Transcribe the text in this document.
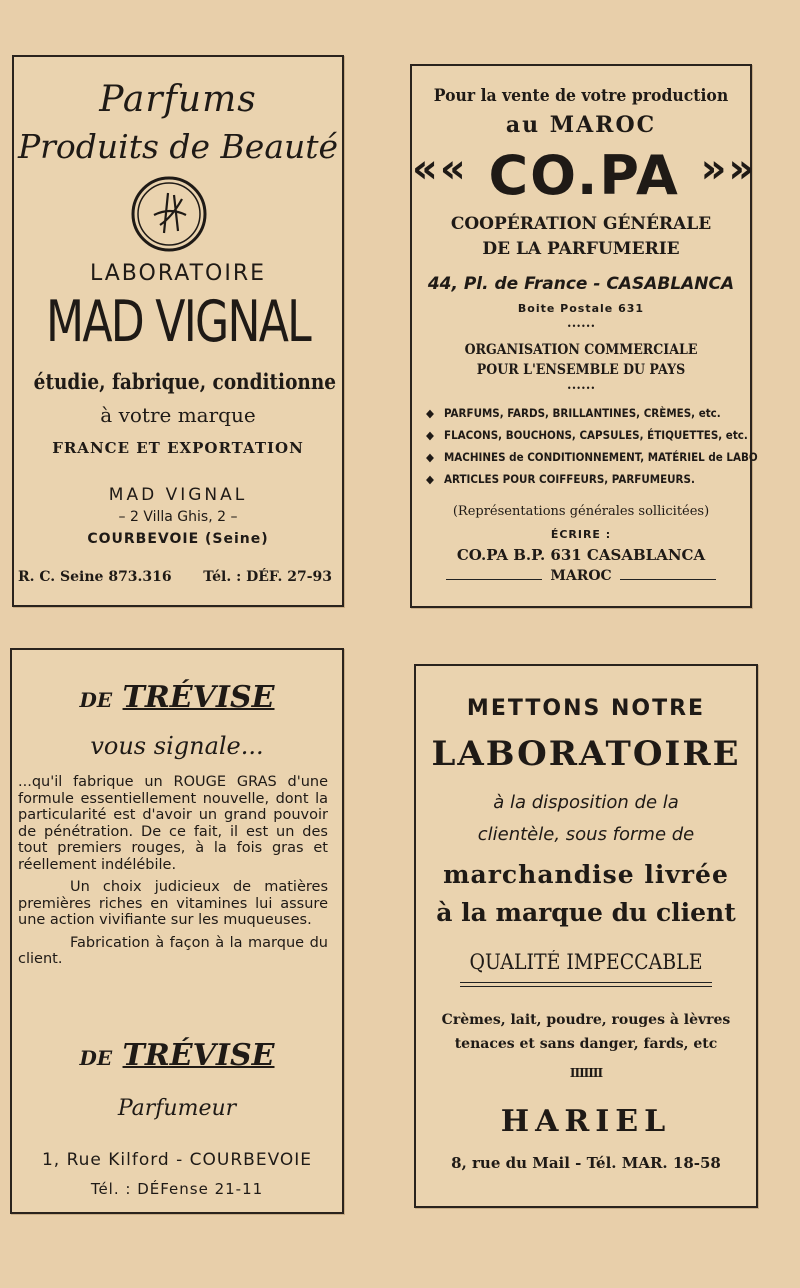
Parfums
Produits de Beauté
LABORATOIRE
MAD VIGNAL
étudie, fabrique, conditionne
à votre marque
FRANCE ET EXPORTATION
MAD VIGNAL
– 2 Villa Ghis, 2 –
COURBEVOIE (Seine)
R. C. Seine 873.316 Tél. : DÉF. 27-93
Pour la vente de votre production
au MAROC
«« CO.PA »»
COOPÉRATION GÉNÉRALE
DE LA PARFUMERIE
44, Pl. de France - CASABLANCA
Boite Postale 631
••••••
ORGANISATION COMMERCIALE
POUR L'ENSEMBLE DU PAYS
••••••
◆ PARFUMS, FARDS, BRILLANTINES, CRÈMES, etc.
◆ FLACONS, BOUCHONS, CAPSULES, ÉTIQUETTES, etc.
◆ MACHINES de CONDITIONNEMENT, MATÉRIEL de LABO
◆ ARTICLES POUR COIFFEURS, PARFUMEURS.
(Représentations générales sollicitées)
ÉCRIRE :
CO.PA B.P. 631 CASABLANCA
MAROC
DE TRÉVISE
vous signale...

...qu'il fabrique un ROUGE GRAS d'une formule essentiellement nouvelle, dont la particularité est d'avoir un grand pouvoir de pénétration. De ce fait, il est un des tout premiers rouges, à la fois gras et réellement indélébile.

Un choix judicieux de matières premières riches en vitamines lui assure une action vivifiante sur les muqueuses.

Fabrication à façon à la marque du client.

DE TRÉVISE
Parfumeur
1, Rue Kilford - COURBEVOIE
Tél. : DÉFense 21-11
METTONS NOTRE
LABORATOIRE
à la disposition de la
clientèle, sous forme de
marchandise livrée
à la marque du client
QUALITÉ IMPECCABLE
Crèmes, lait, poudre, rouges à lèvres
tenaces et sans danger, fards, etc
IIIIIII
HARIEL
8, rue du Mail - Tél. MAR. 18-58
